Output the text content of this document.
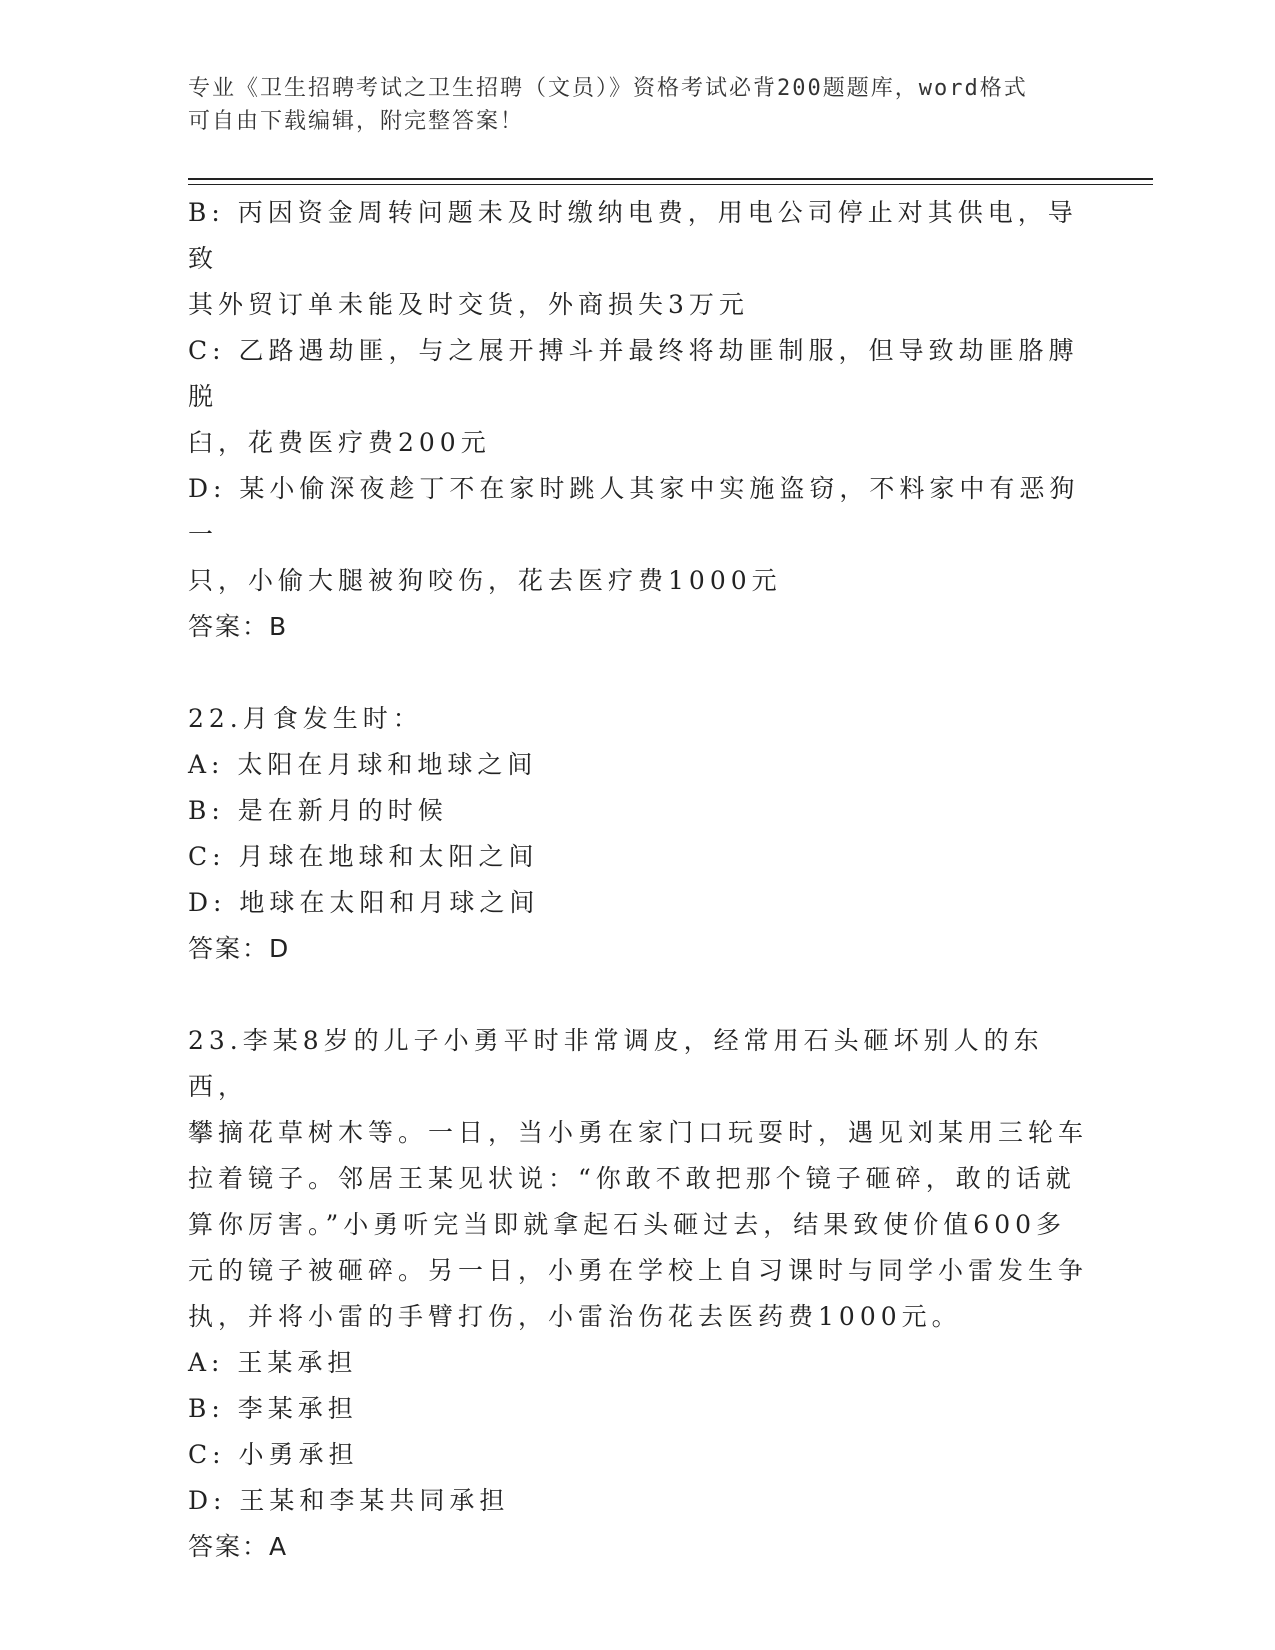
专业《卫生招聘考试之卫生招聘（文员）》资格考试必背200题题库，word格式
可自由下载编辑，附完整答案！

B: 丙因资金周转问题未及时缴纳电费，用电公司停止对其供电，导致

其外贸订单未能及时交货，外商损失3万元

C: 乙路遇劫匪，与之展开搏斗并最终将劫匪制服，但导致劫匪胳膊脱

臼，花费医疗费200元

D: 某小偷深夜趁丁不在家时跳人其家中实施盗窃，不料家中有恶狗一

只，小偷大腿被狗咬伤，花去医疗费1000元

答案：B

22.月食发生时：

A: 太阳在月球和地球之间

B: 是在新月的时候

C: 月球在地球和太阳之间

D: 地球在太阳和月球之间

答案：D

23.李某8岁的儿子小勇平时非常调皮，经常用石头砸坏别人的东西，

攀摘花草树木等。一日，当小勇在家门口玩耍时，遇见刘某用三轮车

拉着镜子。邻居王某见状说：“你敢不敢把那个镜子砸碎，敢的话就

算你厉害。”小勇听完当即就拿起石头砸过去，结果致使价值600多

元的镜子被砸碎。另一日，小勇在学校上自习课时与同学小雷发生争

执，并将小雷的手臂打伤，小雷治伤花去医药费1000元。

A: 王某承担

B: 李某承担

C: 小勇承担

D: 王某和李某共同承担

答案：A
